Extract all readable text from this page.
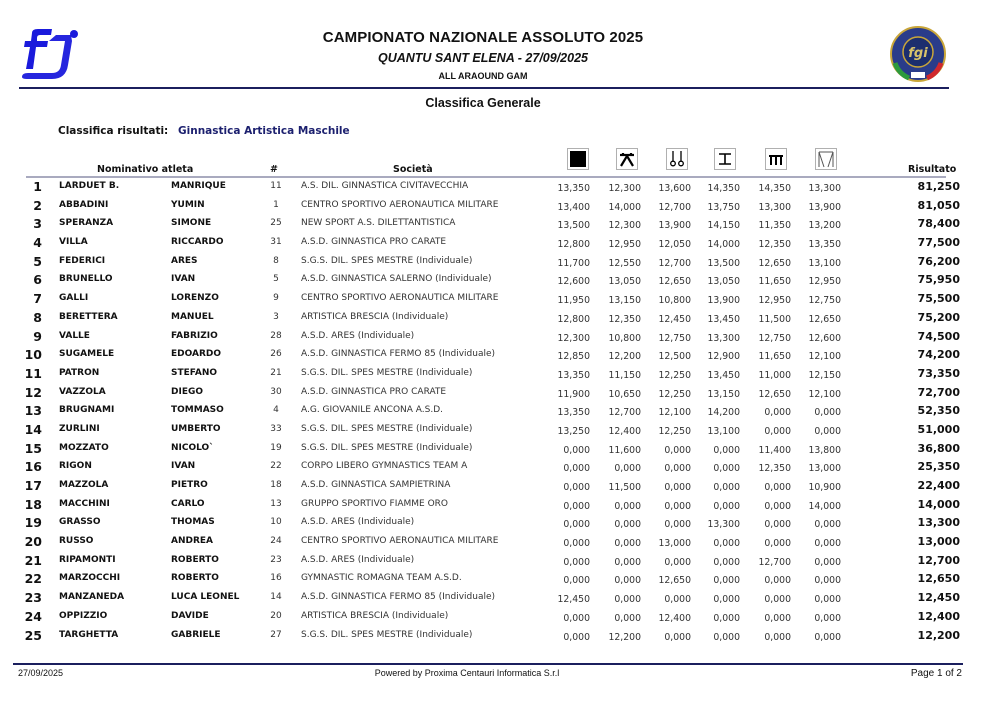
CAMPIONATO NAZIONALE ASSOLUTO 2025
QUANTU SANT ELENA - 27/09/2025
ALL ARAOUND GAM
fgi
Classifica Generale
Classifica risultati: Ginnastica Artistica Maschile
Nominativo atleta	#	Società	Risultato
1 LARDUET B.	MANRIQUE	11	A.S. DIL. GINNASTICA CIVITAVECCHIA	13,350	12,300	13,600	14,350	14,350	13,300	81,250
2 ABBADINI	YUMIN	1	CENTRO SPORTIVO AERONAUTICA MILITARE	13,400	14,000	12,700	13,750	13,300	13,900	81,050
3 SPERANZA	SIMONE	25	NEW SPORT A.S. DILETTANTISTICA	13,500	12,300	13,900	14,150	11,350	13,200	78,400
4 VILLA	RICCARDO	31	A.S.D. GINNASTICA PRO CARATE	12,800	12,950	12,050	14,000	12,350	13,350	77,500
5 FEDERICI	ARES	8	S.G.S. DIL. SPES MESTRE (Individuale)	11,700	12,550	12,700	13,500	12,650	13,100	76,200
6 BRUNELLO	IVAN	5	A.S.D. GINNASTICA SALERNO (Individuale)	12,600	13,050	12,650	13,050	11,650	12,950	75,950
7 GALLI	LORENZO	9	CENTRO SPORTIVO AERONAUTICA MILITARE	11,950	13,150	10,800	13,900	12,950	12,750	75,500
8 BERETTERA	MANUEL	3	ARTISTICA BRESCIA (Individuale)	12,800	12,350	12,450	13,450	11,500	12,650	75,200
9 VALLE	FABRIZIO	28	A.S.D. ARES (Individuale)	12,300	10,800	12,750	13,300	12,750	12,600	74,500
10 SUGAMELE	EDOARDO	26	A.S.D. GINNASTICA FERMO 85 (Individuale)	12,850	12,200	12,500	12,900	11,650	12,100	74,200
11 PATRON	STEFANO	21	S.G.S. DIL. SPES MESTRE (Individuale)	13,350	11,150	12,250	13,450	11,000	12,150	73,350
12 VAZZOLA	DIEGO	30	A.S.D. GINNASTICA PRO CARATE	11,900	10,650	12,250	13,150	12,650	12,100	72,700
13 BRUGNAMI	TOMMASO	4	A.G. GIOVANILE ANCONA A.S.D.	13,350	12,700	12,100	14,200	0,000	0,000	52,350
14 ZURLINI	UMBERTO	33	S.G.S. DIL. SPES MESTRE (Individuale)	13,250	12,400	12,250	13,100	0,000	0,000	51,000
15 MOZZATO	NICOLO`	19	S.G.S. DIL. SPES MESTRE (Individuale)	0,000	11,600	0,000	0,000	11,400	13,800	36,800
16 RIGON	IVAN	22	CORPO LIBERO GYMNASTICS TEAM A	0,000	0,000	0,000	0,000	12,350	13,000	25,350
17 MAZZOLA	PIETRO	18	A.S.D. GINNASTICA SAMPIETRINA	0,000	11,500	0,000	0,000	0,000	10,900	22,400
18 MACCHINI	CARLO	13	GRUPPO SPORTIVO FIAMME ORO	0,000	0,000	0,000	0,000	0,000	14,000	14,000
19 GRASSO	THOMAS	10	A.S.D. ARES (Individuale)	0,000	0,000	0,000	13,300	0,000	0,000	13,300
20 RUSSO	ANDREA	24	CENTRO SPORTIVO AERONAUTICA MILITARE	0,000	0,000	13,000	0,000	0,000	0,000	13,000
21 RIPAMONTI	ROBERTO	23	A.S.D. ARES (Individuale)	0,000	0,000	0,000	0,000	12,700	0,000	12,700
22 MARZOCCHI	ROBERTO	16	GYMNASTIC ROMAGNA TEAM A.S.D.	0,000	0,000	12,650	0,000	0,000	0,000	12,650
23 MANZANEDA	LUCA LEONEL	14	A.S.D. GINNASTICA FERMO 85 (Individuale)	12,450	0,000	0,000	0,000	0,000	0,000	12,450
24 OPPIZZIO	DAVIDE	20	ARTISTICA BRESCIA (Individuale)	0,000	0,000	12,400	0,000	0,000	0,000	12,400
25 TARGHETTA	GABRIELE	27	S.G.S. DIL. SPES MESTRE (Individuale)	0,000	12,200	0,000	0,000	0,000	0,000	12,200
27/09/2025	Powered by Proxima Centauri Informatica S.r.l	Page 1 of 2
